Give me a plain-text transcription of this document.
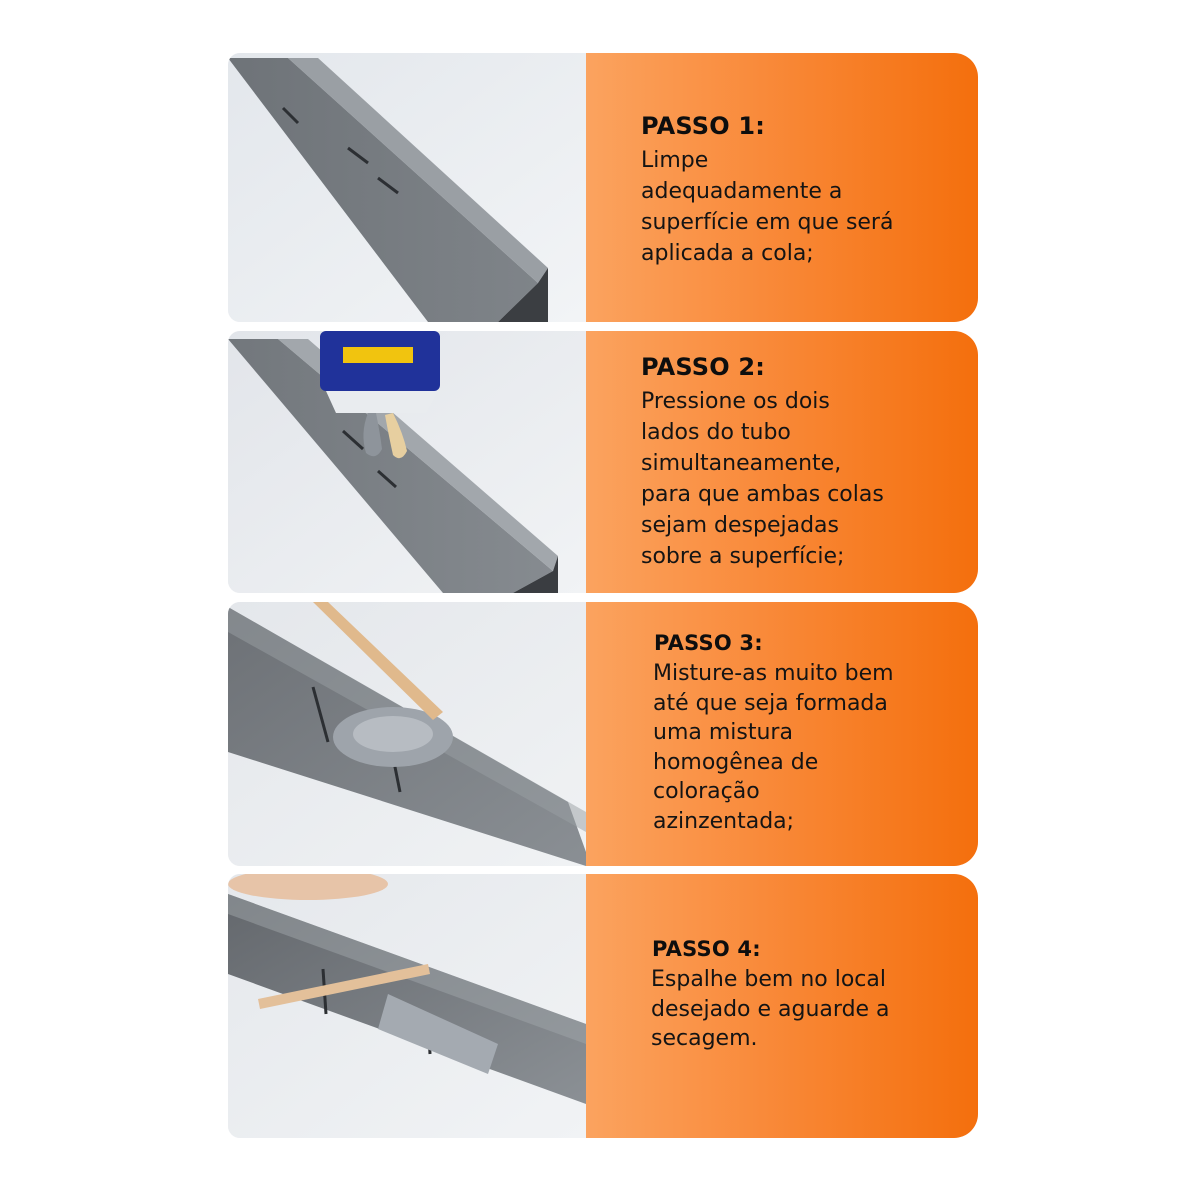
PASSO 1:
Limpe
adequadamente a
superfície em que será
aplicada a cola;
PASSO 2:
Pressione os dois
lados do tubo
simultaneamente,
para que ambas colas
sejam despejadas
sobre a superfície;
PASSO 3:
Misture-as muito bem
até que seja formada
uma mistura
homogênea de
coloração
azinzentada;
PASSO 4:
Espalhe bem no local
desejado e aguarde a
secagem.
